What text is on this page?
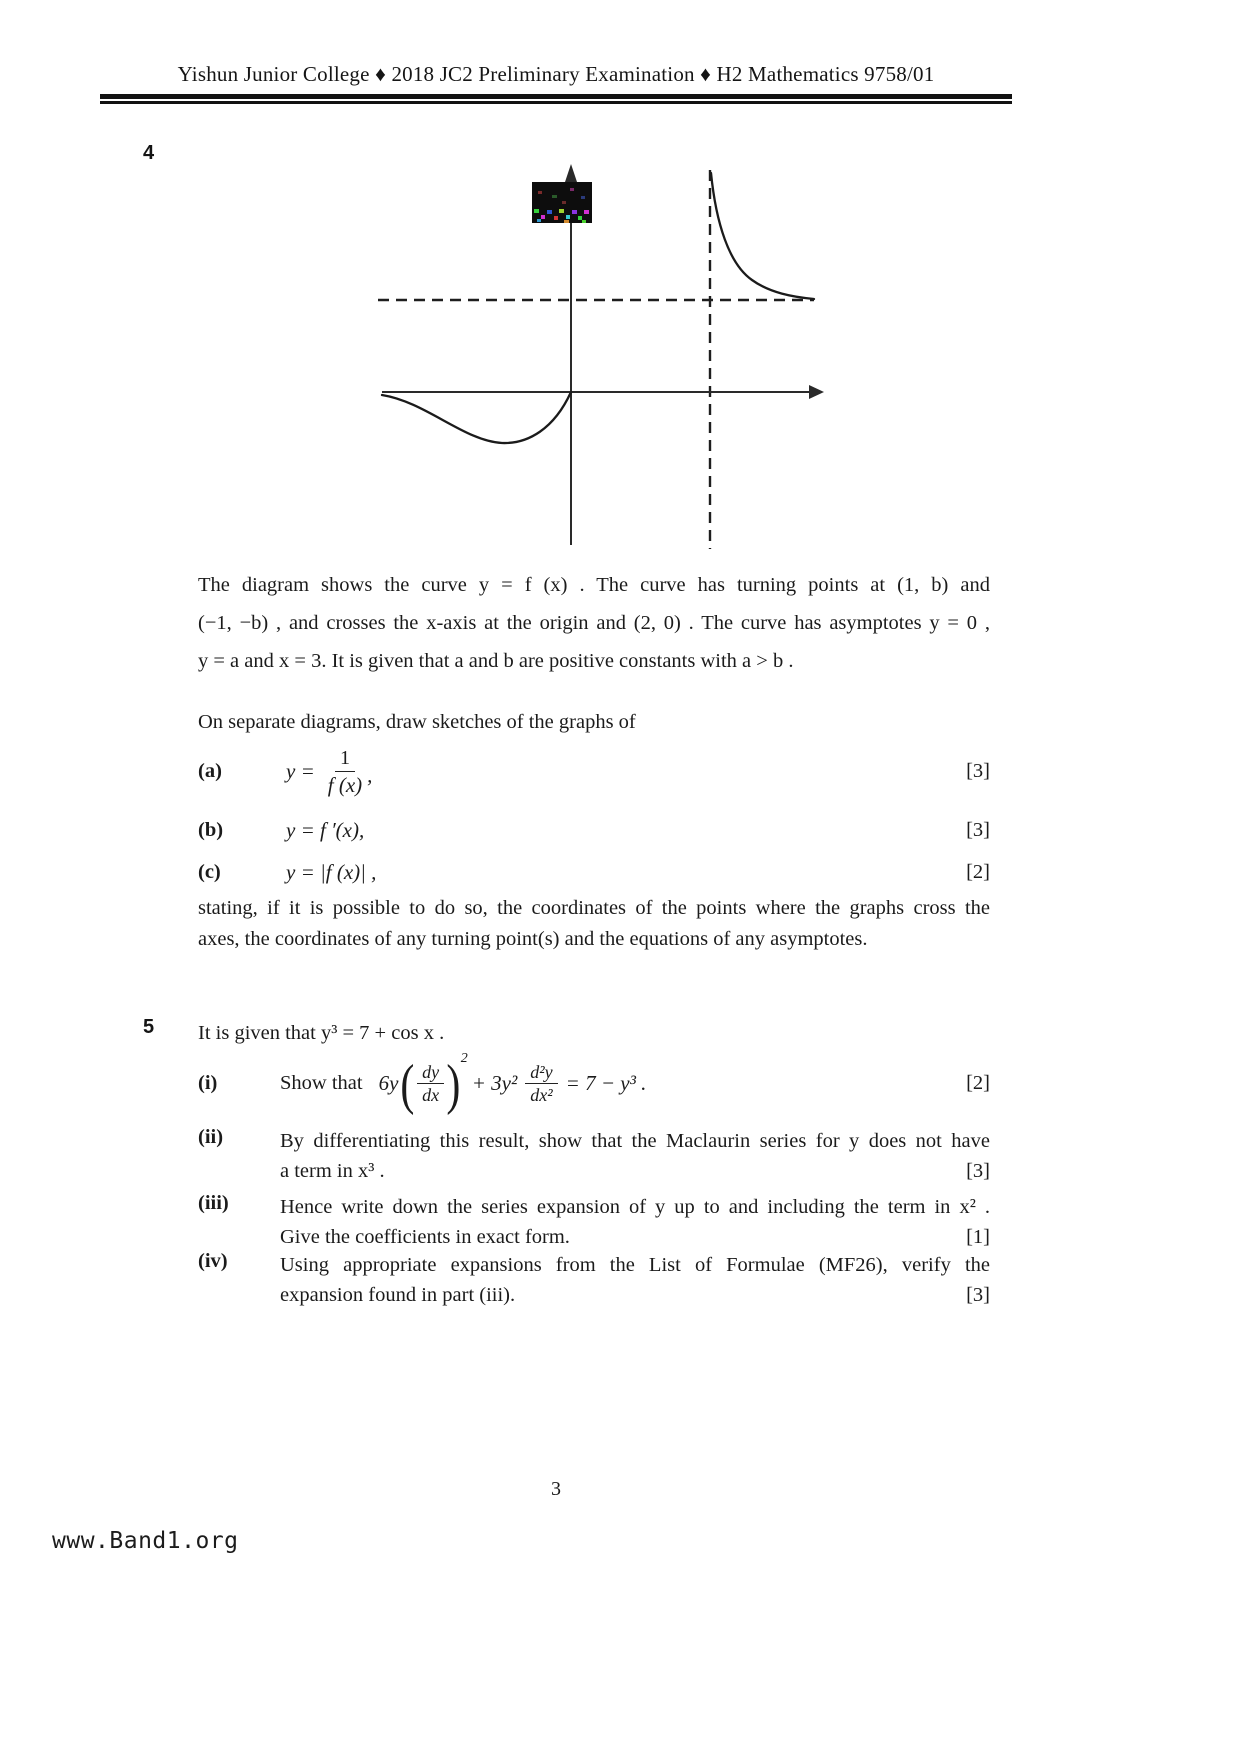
Yishun Junior College ♦ 2018 JC2 Preliminary Examination ♦ H2 Mathematics 9758/01
4
The diagram shows the curve y = f (x) . The curve has turning points at (1, b) and
(−1, −b) , and crosses the x-axis at the origin and (2, 0) . The curve has asymptotes y = 0 ,
y = a and x = 3. It is given that a and b are positive constants with a > b .
On separate diagrams, draw sketches of the graphs of
(a)	$y = \frac{1}{f (x)}$ ,	[3]
(b)	y = f ′(x),	[3]
(c)	y = |f (x)| ,	[2]
stating, if it is possible to do so, the coordinates of the points where the graphs cross the
axes, the coordinates of any turning point(s) and the equations of any asymptotes.
5 It is given that y³ = 7 + cos x .
(i)	Show that 6y ( $\frac{dy}{dx} )^2$
+ $3y^2 \frac{\text{d²y}}{\text{dx²}} = 7 - y^3$ .	[2]
(ii)	By differentiating this result, show that the Maclaurin series for y does not have
a term in x³ .	[3]
(iii)	Hence write down the series expansion of y up to and including the term in x² .
Give the coefficients in exact form.	[1]
(iv)	Using appropriate expansions from the List of Formulae (MF26), verify the
expansion found in part (iii).	[3]
3
www.Band1.org
